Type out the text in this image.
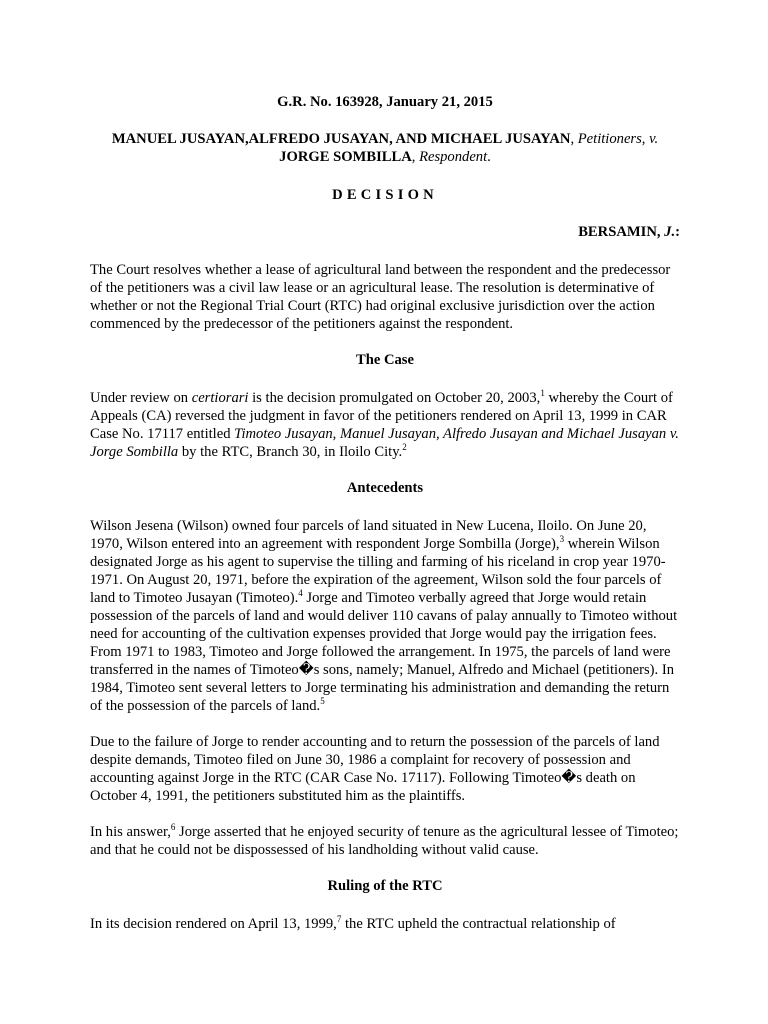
G.R. No. 163928, January 21, 2015

MANUEL JUSAYAN,ALFREDO JUSAYAN, AND MICHAEL JUSAYAN, Petitioners, v.
JORGE SOMBILLA, Respondent.

DECISION

BERSAMIN, J.:

The Court resolves whether a lease of agricultural land between the respondent and the predecessor of the petitioners was a civil law lease or an agricultural lease. The resolution is determinative of whether or not the Regional Trial Court (RTC) had original exclusive jurisdiction over the action commenced by the predecessor of the petitioners against the respondent.

The Case

Under review on certiorari is the decision promulgated on October 20, 2003,$^1$ whereby the Court of Appeals (CA) reversed the judgment in favor of the petitioners rendered on April 13, 1999 in CAR Case No. 17117 entitled Timoteo Jusayan, Manuel Jusayan, Alfredo Jusayan and Michael Jusayan v. Jorge Sombilla by the RTC, Branch 30, in Iloilo City.$^2$

Antecedents

Wilson Jesena (Wilson) owned four parcels of land situated in New Lucena, Iloilo. On June 20, 1970, Wilson entered into an agreement with respondent Jorge Sombilla (Jorge),$^3$ wherein Wilson designated Jorge as his agent to supervise the tilling and farming of his riceland in crop year 1970-1971. On August 20, 1971, before the expiration of the agreement, Wilson sold the four parcels of land to Timoteo Jusayan (Timoteo).$^4$ Jorge and Timoteo verbally agreed that Jorge would retain possession of the parcels of land and would deliver 110 cavans of palay annually to Timoteo without need for accounting of the cultivation expenses provided that Jorge would pay the irrigation fees. From 1971 to 1983, Timoteo and Jorge followed the arrangement. In 1975, the parcels of land were transferred in the names of Timoteo�s sons, namely; Manuel, Alfredo and Michael (petitioners). In 1984, Timoteo sent several letters to Jorge terminating his administration and demanding the return of the possession of the parcels of land.$^5$

Due to the failure of Jorge to render accounting and to return the possession of the parcels of land despite demands, Timoteo filed on June 30, 1986 a complaint for recovery of possession and accounting against Jorge in the RTC (CAR Case No. 17117). Following Timoteo�s death on October 4, 1991, the petitioners substituted him as the plaintiffs.

In his answer,$^6$ Jorge asserted that he enjoyed security of tenure as the agricultural lessee of Timoteo; and that he could not be dispossessed of his landholding without valid cause.

Ruling of the RTC

In its decision rendered on April 13, 1999,$^7$ the RTC upheld the contractual relationship of
